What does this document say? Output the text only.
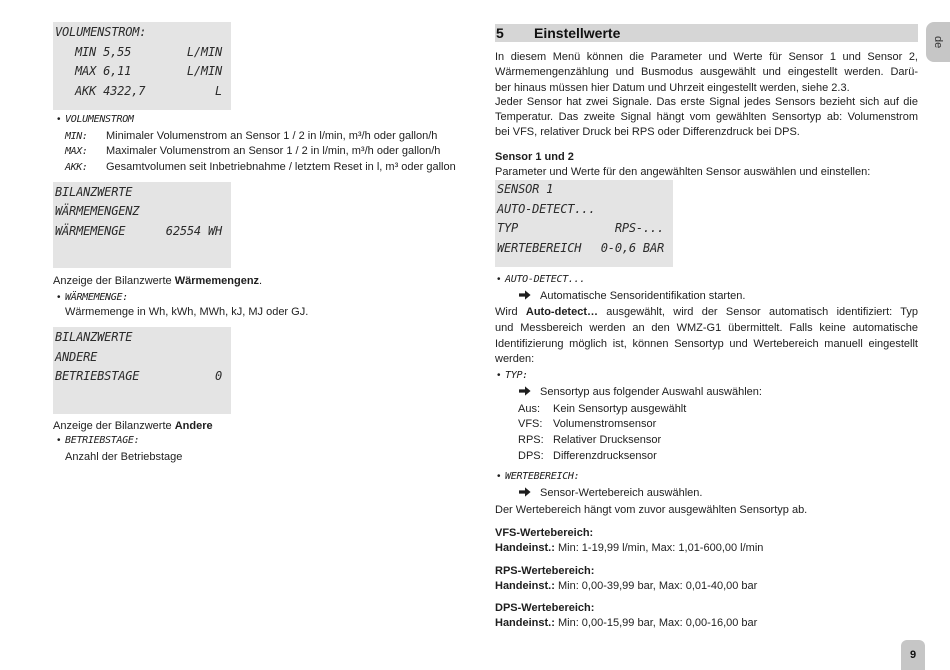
VOLUMENSTROM:
MIN 5,55	L/MIN
MAX 6,11	L/MIN
AKK 4322,7	L
•VOLUMENSTROM
MIN: Minimaler Volumenstrom an Sensor 1 / 2 in l/min, m³/h oder gallon/h
MAX: Maximaler Volumenstrom an Sensor 1 / 2 in l/min, m³/h oder gallon/h
AKK: Gesamtvolumen seit Inbetriebnahme / letztem Reset in l, m³ oder gallon
BILANZWERTE
WÄRMEMENGENZ
WÄRMEMENGE	62554 WH
Anzeige der Bilanzwerte Wärmemengenz.
•WÄRMEMENGE:
Wärmemenge in Wh, kWh, MWh, kJ, MJ oder GJ.
BILANZWERTE
ANDERE
BETRIEBSTAGE	0
Anzeige der Bilanzwerte Andere
•BETRIEBSTAGE:
Anzahl der Betriebstage
5 Einstellwerte
In diesem Menü können die Parameter und Werte für Sensor 1 und Sensor 2,
Wärmemengenzählung und Busmodus ausgewählt und eingestellt werden. Darü-
ber hinaus müssen hier Datum und Uhrzeit eingestellt werden, siehe 2.3.
Jeder Sensor hat zwei Signale. Das erste Signal jedes Sensors bezieht sich auf die
Temperatur. Das zweite Signal hängt vom gewählten Sensortyp ab: Volumenstrom
bei VFS, relativer Druck bei RPS oder Differenzdruck bei DPS.
Sensor 1 und 2
Parameter und Werte für den angewählten Sensor auswählen und einstellen:
SENSOR 1
AUTO-DETECT...
TYP	RPS-...
WERTEBEREICH 0-0,6 BAR
•AUTO-DETECT...
Automatische Sensoridentifikation starten.
Wird Auto-detect… ausgewählt, wird der Sensor automatisch identifiziert: Typ
und Messbereich werden an den WMZ-G1 übermittelt. Falls keine automatische
Identifizierung möglich ist, können Sensortyp und Wertebereich manuell eingestellt
werden:
•TYP:
Sensortyp aus folgender Auswahl auswählen:
Aus: Kein Sensortyp ausgewählt
VFS: Volumenstromsensor
RPS: Relativer Drucksensor
DPS: Differenzdrucksensor
•WERTEBEREICH:
Sensor-Wertebereich auswählen.
Der Wertebereich hängt vom zuvor ausgewählten Sensortyp ab.
VFS-Wertebereich:
Handeinst.: Min: 1-19,99 l/min, Max: 1,01-600,00 l/min
RPS-Wertebereich:
Handeinst.: Min: 0,00-39,99 bar, Max: 0,01-40,00 bar
DPS-Wertebereich:
Handeinst.: Min: 0,00-15,99 bar, Max: 0,00-16,00 bar
de
9
